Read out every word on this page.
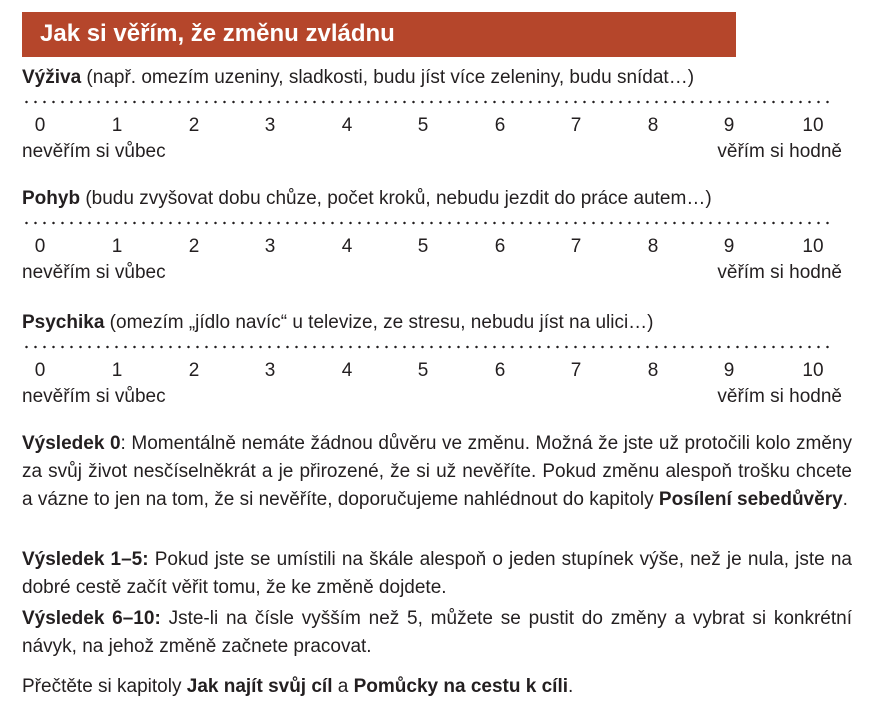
Jak si věřím, že změnu zvládnu
Výživa (např. omezím uzeniny, sladkosti, budu jíst více zeleniny, budu snídat…)
0	1	2	3	4	5	6	7	8	9	10
nevěřím si vůbec	věřím si hodně
Pohyb (budu zvyšovat dobu chůze, počet kroků, nebudu jezdit do práce autem…)
0	1	2	3	4	5	6	7	8	9	10
nevěřím si vůbec	věřím si hodně
Psychika (omezím „jídlo navíc“ u televize, ze stresu, nebudu jíst na ulici…)
0	1	2	3	4	5	6	7	8	9	10
nevěřím si vůbec	věřím si hodně
Výsledek 0: Momentálně nemáte žádnou důvěru ve změnu. Možná že jste už protočili kolo změny za svůj život nesčíselněkrát a je přirozené, že si už nevěříte. Pokud změnu alespoň trošku chcete a vázne to jen na tom, že si nevěříte, doporučujeme nahlédnout do kapitoly Posílení sebedůvěry.
Výsledek 1–5: Pokud jste se umístili na škále alespoň o jeden stupínek výše, než je nula, jste na dobré cestě začít věřit tomu, že ke změně dojdete.
Výsledek 6–10: Jste-li na čísle vyšším než 5, můžete se pustit do změny a vybrat si konkrétní návyk, na jehož změně začnete pracovat.
Přečtěte si kapitoly Jak najít svůj cíl a Pomůcky na cestu k cíli.
